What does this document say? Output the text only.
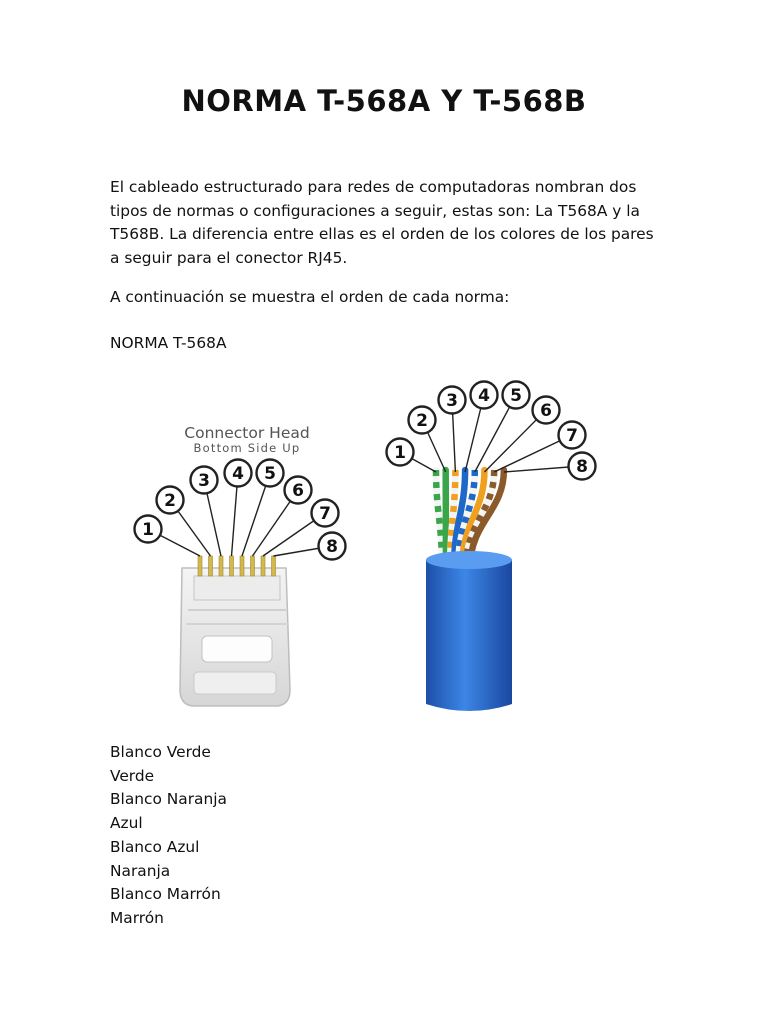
NORMA T-568A Y T-568B
El cableado estructurado para redes de computadoras nombran dos tipos de normas o configuraciones a seguir, estas son: La T568A y la T568B. La diferencia entre ellas es el orden de los colores de los pares a seguir para el conector RJ45.
A continuación se muestra el orden de cada norma:
NORMA T-568A
Connector Head
Bottom Side Up
1
2
3 4 5
6
7
8
1
2
3 4 5
6
7
8
Blanco Verde
Verde
Blanco Naranja
Azul
Blanco Azul
Naranja
Blanco Marrón
Marrón
